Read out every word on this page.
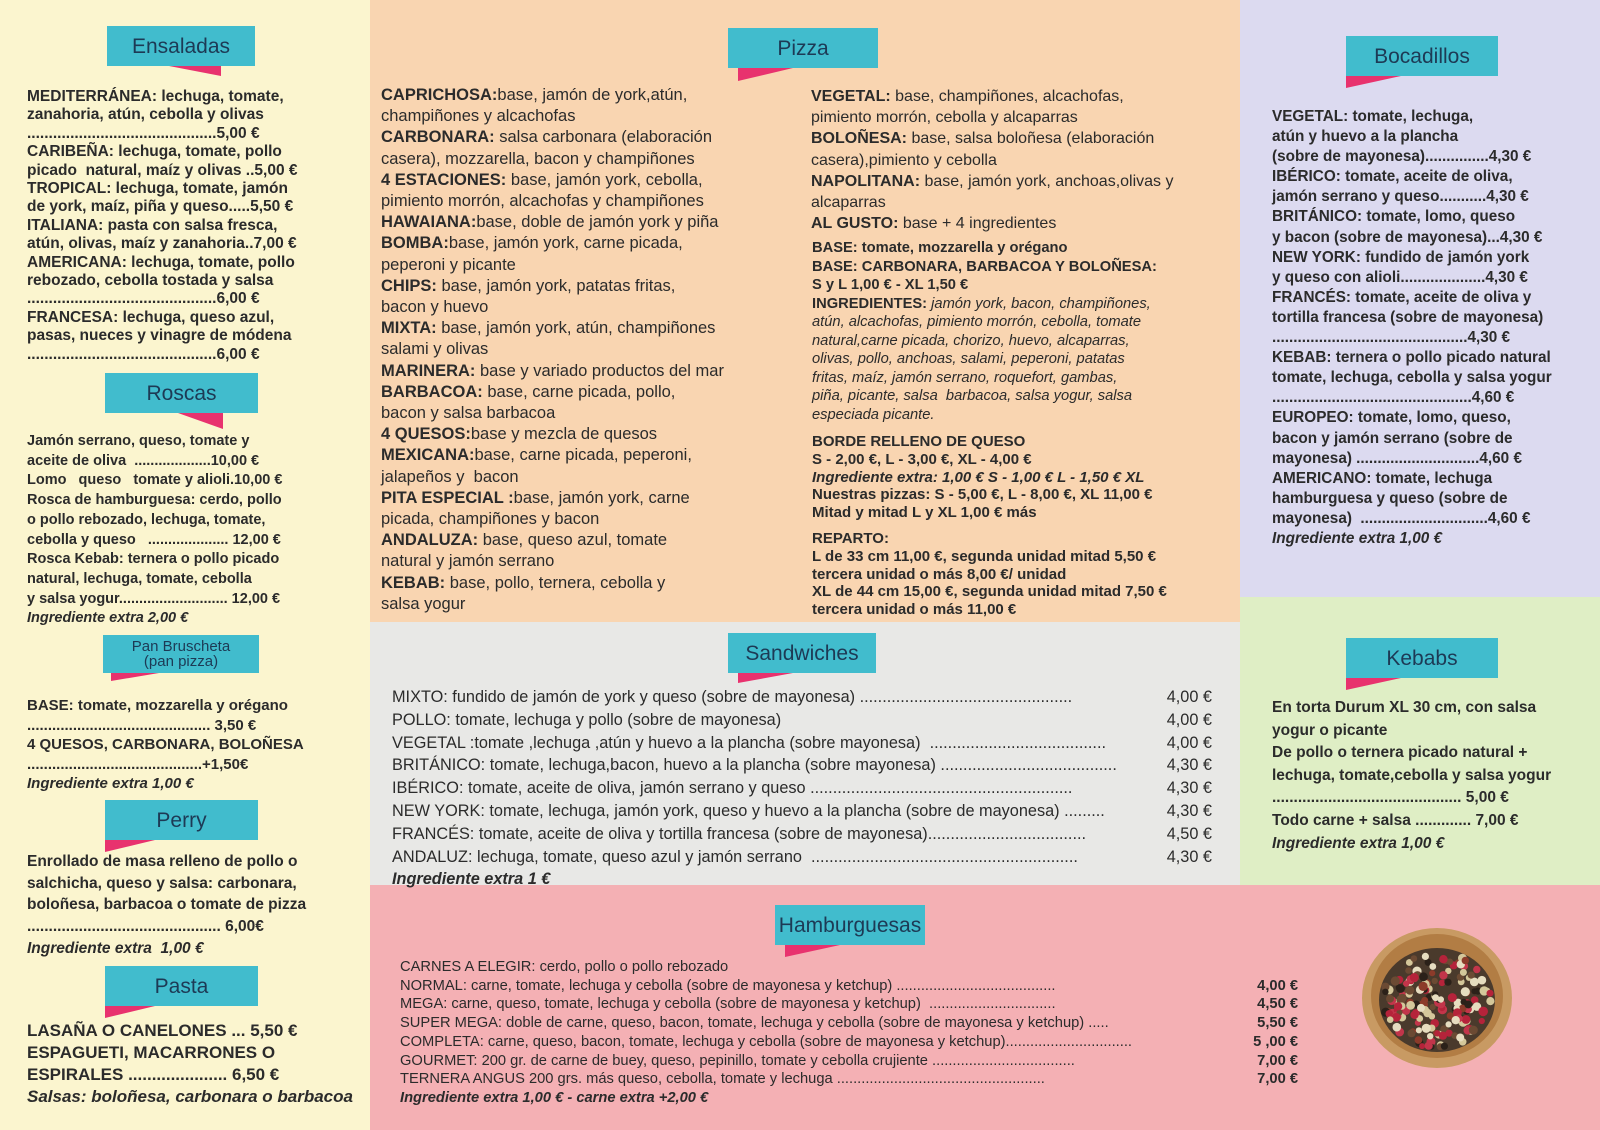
Ensaladas
Roscas
Pan Bruscheta
(pan pizza)
Perry
Pasta
Pizza	Bocadillos
Sandwiches	Kebabs
Hamburguesas
MEDITERRÁNEA: lechuga, tomate,
zanahoria, atún, cebolla y olivas
............................................5,00 €
CARIBEÑA: lechuga, tomate, pollo
picado  natural, maíz y olivas ..5,00 €
TROPICAL: lechuga, tomate, jamón
de york, maíz, piña y queso.....5,50 €
ITALIANA: pasta con salsa fresca,
atún, olivas, maíz y zanahoria..7,00 €
AMERICANA: lechuga, tomate, pollo
rebozado, cebolla tostada y salsa
............................................6,00 €
FRANCESA: lechuga, queso azul,
pasas, nueces y vinagre de módena
............................................6,00 €
Jamón serrano, queso, tomate y
aceite de oliva  ...................10,00 €
Lomo   queso   tomate y alioli.10,00 €
Rosca de hamburguesa: cerdo, pollo
o pollo rebozado, lechuga, tomate,
cebolla y queso   .................... 12,00 €
Rosca Kebab: ternera o pollo picado
natural, lechuga, tomate, cebolla
y salsa yogur........................... 12,00 €
Ingrediente extra 2,00 €
BASE: tomate, mozzarella y orégano
............................................ 3,50 €
4 QUESOS, CARBONARA, BOLOÑESA
..........................................+1,50€
Ingrediente extra 1,00 €
Enrollado de masa relleno de pollo o
salchicha, queso y salsa: carbonara,
boloñesa, barbacoa o tomate de pizza
............................................. 6,00€
Ingrediente extra  1,00 €
LASAÑA O CANELONES ... 5,50 €
ESPAGUETI, MACARRONES O
ESPIRALES ..................... 6,50 €
Salsas: boloñesa, carbonara o barbacoa
CAPRICHOSA:base, jamón de york,atún,
champiñones y alcachofas
CARBONARA: salsa carbonara (elaboración
casera), mozzarella, bacon y champiñones
4 ESTACIONES: base, jamón york, cebolla,
pimiento morrón, alcachofas y champiñones
HAWAIANA:base, doble de jamón york y piña
BOMBA:base, jamón york, carne picada,
peperoni y picante
CHIPS: base, jamón york, patatas fritas,
bacon y huevo
MIXTA: base, jamón york, atún, champiñones
salami y olivas
MARINERA: base y variado productos del mar
BARBACOA: base, carne picada, pollo,
bacon y salsa barbacoa
4 QUESOS:base y mezcla de quesos
MEXICANA:base, carne picada, peperoni,
jalapeños y  bacon
PITA ESPECIAL :base, jamón york, carne
picada, champiñones y bacon
ANDALUZA: base, queso azul, tomate
natural y jamón serrano
KEBAB: base, pollo, ternera, cebolla y
salsa yogur
VEGETAL: base, champiñones, alcachofas,
pimiento morrón, cebolla y alcaparras
BOLOÑESA: base, salsa boloñesa (elaboración
casera),pimiento y cebolla
NAPOLITANA: base, jamón york, anchoas,olivas y
alcaparras
AL GUSTO: base + 4 ingredientes
BASE: tomate, mozzarella y orégano
BASE: CARBONARA, BARBACOA Y BOLOÑESA:
S y L 1,00 € - XL 1,50 €
INGREDIENTES: jamón york, bacon, champiñones,
atún, alcachofas, pimiento morrón, cebolla, tomate
natural,carne picada, chorizo, huevo, alcaparras,
olivas, pollo, anchoas, salami, peperoni, patatas
fritas, maíz, jamón serrano, roquefort, gambas,
piña, picante, salsa  barbacoa, salsa yogur, salsa
especiada picante.
BORDE RELLENO DE QUESO
S - 2,00 €, L - 3,00 €, XL - 4,00 €
Ingrediente extra: 1,00 € S - 1,00 € L - 1,50 € XL
Nuestras pizzas: S - 5,00 €, L - 8,00 €, XL 11,00 €
Mitad y mitad L y XL 1,00 € más
REPARTO:
L de 33 cm 11,00 €, segunda unidad mitad 5,50 €
tercera unidad o más 8,00 €/ unidad
XL de 44 cm 15,00 €, segunda unidad mitad 7,50 €
tercera unidad o más 11,00 €
VEGETAL: tomate, lechuga,
atún y huevo a la plancha
(sobre de mayonesa)...............4,30 €
IBÉRICO: tomate, aceite de oliva,
jamón serrano y queso...........4,30 €
BRITÁNICO: tomate, lomo, queso
y bacon (sobre de mayonesa)...4,30 €
NEW YORK: fundido de jamón york
y queso con alioli....................4,30 €
FRANCÉS: tomate, aceite de oliva y
tortilla francesa (sobre de mayonesa)
..............................................4,30 €
KEBAB: ternera o pollo picado natural
tomate, lechuga, cebolla y salsa yogur
...............................................4,60 €
EUROPEO: tomate, lomo, queso,
bacon y jamón serrano (sobre de
mayonesa) .............................4,60 €
AMERICANO: tomate, lechuga
hamburguesa y queso (sobre de
mayonesa)  ..............................4,60 €
Ingrediente extra 1,00 €
MIXTO: fundido de jamón de york y queso (sobre de mayonesa) ...............................................	4,00 €
POLLO: tomate, lechuga y pollo (sobre de mayonesa)	4,00 €
VEGETAL :tomate ,lechuga ,atún y huevo a la plancha (sobre mayonesa)  .......................................	4,00 €
BRITÁNICO: tomate, lechuga,bacon, huevo a la plancha (sobre mayonesa) .......................................	4,30 €
IBÉRICO: tomate, aceite de oliva, jamón serrano y queso ..........................................................	4,30 €
NEW YORK: tomate, lechuga, jamón york, queso y huevo a la plancha (sobre de mayonesa) .........	4,30 €
FRANCÉS: tomate, aceite de oliva y tortilla francesa (sobre de mayonesa)...................................	4,50 €
ANDALUZ: lechuga, tomate, queso azul y jamón serrano  ...........................................................	4,30 €
Ingrediente extra 1 €
En torta Durum XL 30 cm, con salsa
yogur o picante
De pollo o ternera picado natural +
lechuga, tomate,cebolla y salsa yogur
............................................ 5,00 €
Todo carne + salsa ............. 7,00 €
Ingrediente extra 1,00 €
CARNES A ELEGIR: cerdo, pollo o pollo rebozado
NORMAL: carne, tomate, lechuga y cebolla (sobre de mayonesa y ketchup) .......................................	4,00 €
MEGA: carne, queso, tomate, lechuga y cebolla (sobre de mayonesa y ketchup)  ...............................	4,50 €
SUPER MEGA: doble de carne, queso, bacon, tomate, lechuga y cebolla (sobre de mayonesa y ketchup) .....	5,50 €
COMPLETA: carne, queso, bacon, tomate, lechuga y cebolla (sobre de mayonesa y ketchup)...............................	5 ,00 €
GOURMET: 200 gr. de carne de buey, queso, pepinillo, tomate y cebolla crujiente ...................................	7,00 €
TERNERA ANGUS 200 grs. más queso, cebolla, tomate y lechuga ...................................................	7,00 €
Ingrediente extra 1,00 € - carne extra +2,00 €
